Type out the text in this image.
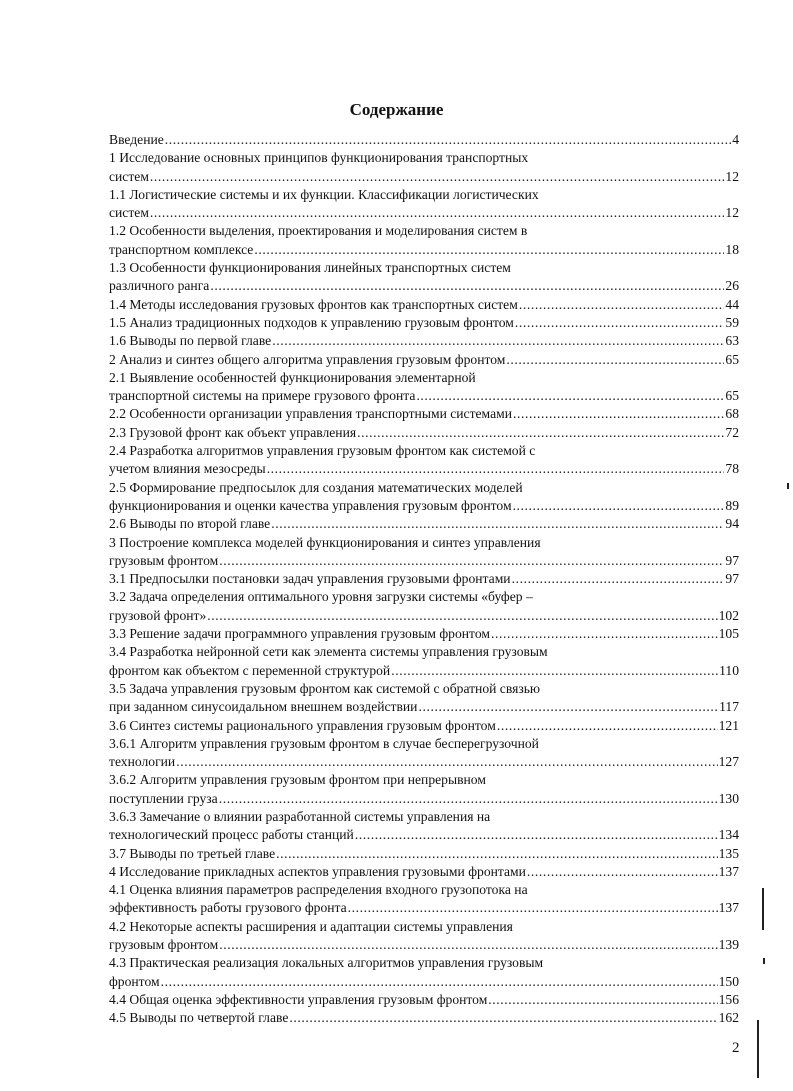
Содержание
Введение .....	4
1 Исследование основных принципов функционирования транспортных
систем .....	12
1.1 Логистические системы и их функции. Классификации логистических
систем .....	12
1.2 Особенности выделения, проектирования и моделирования систем в
транспортном комплексе .....	18
1.3 Особенности функционирования линейных транспортных систем
различного ранга .....	26
1.4 Методы исследования грузовых фронтов как транспортных систем .....	44
1.5 Анализ традиционных подходов к управлению грузовым фронтом .....	59
1.6 Выводы по первой главе .....	63
2 Анализ и синтез общего алгоритма управления грузовым фронтом .....	65
2.1 Выявление особенностей функционирования элементарной
транспортной системы на примере грузового фронта .....	65
2.2 Особенности организации управления транспортными системами .....	68
2.3 Грузовой фронт как объект управления .....	72
2.4 Разработка алгоритмов управления грузовым фронтом как системой с
учетом влияния мезосреды .....	78
2.5 Формирование предпосылок для создания математических моделей
функционирования и оценки качества управления грузовым фронтом .....	89
2.6 Выводы по второй главе .....	94
3 Построение комплекса моделей функционирования и синтез управления
грузовым фронтом .....	97
3.1 Предпосылки постановки задач управления грузовыми фронтами .....	97
3.2 Задача определения оптимального уровня загрузки системы «буфер –
грузовой фронт» .....	102
3.3 Решение задачи программного управления грузовым фронтом .....	105
3.4 Разработка нейронной сети как элемента системы управления грузовым
фронтом как объектом с переменной структурой .....	110
3.5 Задача управления грузовым фронтом как системой с обратной связью
при заданном синусоидальном внешнем воздействии .....	117
3.6 Синтез системы рационального управления грузовым фронтом .....	121
3.6.1 Алгоритм управления грузовым фронтом в случае бесперегрузочной
технологии .....	127
3.6.2 Алгоритм управления грузовым фронтом при непрерывном
поступлении груза .....	130
3.6.3 Замечание о влиянии разработанной системы управления на
технологический процесс работы станций .....	134
3.7 Выводы по третьей главе .....	135
4 Исследование прикладных аспектов управления грузовыми фронтами .....	137
4.1 Оценка влияния параметров распределения входного грузопотока на
эффективность работы грузового фронта .....	137
4.2 Некоторые аспекты расширения и адаптации системы управления
грузовым фронтом .....	139
4.3 Практическая реализация локальных алгоритмов управления грузовым
фронтом .....	150
4.4 Общая оценка эффективности управления грузовым фронтом .....	156
4.5 Выводы по четвертой главе .....	162
2
